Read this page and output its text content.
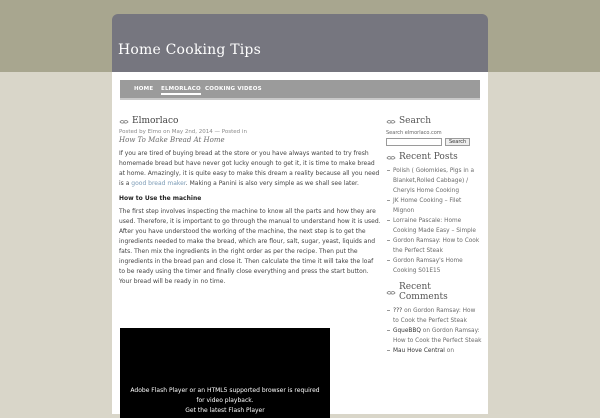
Home Cooking Tips
HOME ELMORLACO COOKING VIDEOS
Elmorlaco
Posted by Elmo on May 2nd, 2014 — Posted in
How To Make Bread At Home

If you are tired of buying bread at the store or you have always wanted to try fresh homemade bread but have never got lucky enough to get it, it is time to make bread at home. Amazingly, it is quite easy to make this dream a reality because all you need is a good bread maker. Making a Panini is also very simple as we shall see later.

How to Use the machine

The first step involves inspecting the machine to know all the parts and how they are used. Therefore, it is important to go through the manual to understand how it is used. After you have understood the working of the machine, the next step is to get the ingredients needed to make the bread, which are flour, salt, sugar, yeast, liquids and fats. Then mix the ingredients in the right order as per the recipe. Then put the ingredients in the bread pan and close it. Then calculate the time it will take the loaf to be ready using the timer and finally close everything and press the start button. Your bread will be ready in no time.

Adobe Flash Player or an HTML5 supported browser is required
for video playback.
Get the latest Flash Player
Search
Search elmorlaco.com
Search
Recent Posts
Polish ( Gołomkies, Pigs in a Blanket,Rolled Cabbage) / Cheryls Home Cooking
JK Home Cooking – Filet Mignon
Lorraine Pascale: Home Cooking Made Easy – Simple
Gordon Ramsay: How to Cook the Perfect Steak
Gordon Ramsay's Home Cooking S01E15
Recent Comments
??? on Gordon Ramsay: How to Cook the Perfect Steak
GqueBBQ on Gordon Ramsay: How to Cook the Perfect Steak
Mau Hove Central on
